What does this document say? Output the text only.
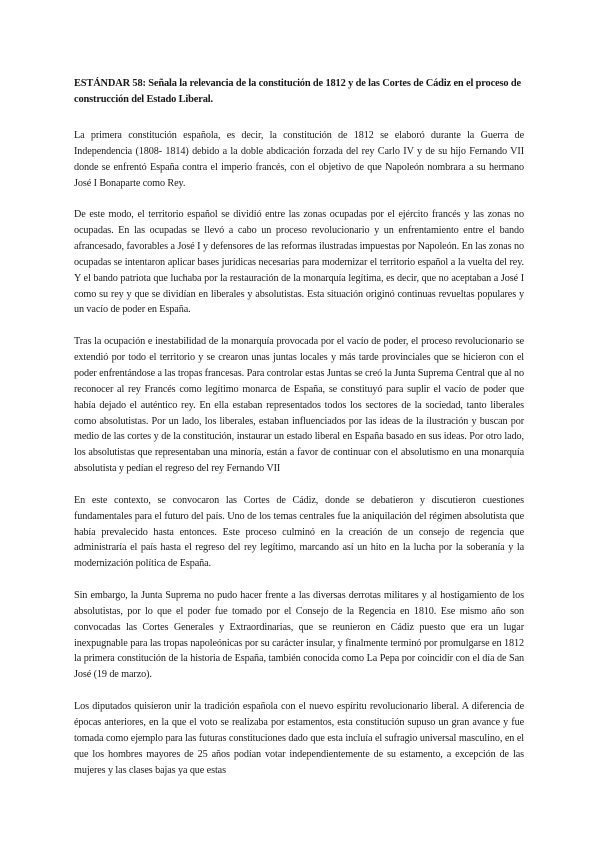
ESTÁNDAR 58: Señala la relevancia de la constitución de 1812 y de las Cortes de Cádiz en el proceso de construcción del Estado Liberal.

La primera constitución española, es decir, la constitución de 1812 se elaboró durante la Guerra de Independencia (1808- 1814) debido a la doble abdicación forzada del rey Carlo IV y de su hijo Fernando VII donde se enfrentó España contra el imperio francés, con el objetivo de que Napoleón nombrara a su hermano José I Bonaparte como Rey.

De este modo, el territorio español se dividió entre las zonas ocupadas por el ejército francés y las zonas no ocupadas. En las ocupadas se llevó a cabo un proceso revolucionario y un enfrentamiento entre el bando afrancesado, favorables a José I y defensores de las reformas ilustradas impuestas por Napoleón. En las zonas no ocupadas se intentaron aplicar bases jurídicas necesarias para modernizar el territorio español a la vuelta del rey. Y el bando patriota que luchaba por la restauración de la monarquía legítima, es decir, que no aceptaban a José I como su rey y que se dividían en liberales y absolutistas. Esta situación originó continuas revueltas populares y un vacío de poder en España.

Tras la ocupación e inestabilidad de la monarquía provocada por el vacío de poder, el proceso revolucionario se extendió por todo el territorio y se crearon unas juntas locales y más tarde provinciales que se hicieron con el poder enfrentándose a las tropas francesas. Para controlar estas Juntas se creó la Junta Suprema Central que al no reconocer al rey Francés como legítimo monarca de España, se constituyó para suplir el vacío de poder que había dejado el auténtico rey. En ella estaban representados todos los sectores de la sociedad, tanto liberales como absolutistas. Por un lado, los liberales, estaban influenciados por las ideas de la ilustración y buscan por medio de las cortes y de la constitución, instaurar un estado liberal en España basado en sus ideas. Por otro lado, los absolutistas que representaban una minoría, están a favor de continuar con el absolutismo en una monarquía absolutista y pedían el regreso del rey Fernando VII

En este contexto, se convocaron las Cortes de Cádiz, donde se debatieron y discutieron cuestiones fundamentales para el futuro del país. Uno de los temas centrales fue la aniquilación del régimen absolutista que había prevalecido hasta entonces. Este proceso culminó en la creación de un consejo de regencia que administraría el país hasta el regreso del rey legítimo, marcando así un hito en la lucha por la soberanía y la modernización política de España.

Sin embargo, la Junta Suprema no pudo hacer frente a las diversas derrotas militares y al hostigamiento de los absolutistas, por lo que el poder fue tomado por el Consejo de la Regencia en 1810. Ese mismo año son convocadas las Cortes Generales y Extraordinarias, que se reunieron en Cádiz puesto que era un lugar inexpugnable para las tropas napoleónicas por su carácter insular, y finalmente terminó por promulgarse en 1812 la primera constitución de la historia de España, también conocida como La Pepa por coincidir con el día de San José (19 de marzo).

Los diputados quisieron unir la tradición española con el nuevo espíritu revolucionario liberal. A diferencia de épocas anteriores, en la que el voto se realizaba por estamentos, esta constitución supuso un gran avance y fue tomada como ejemplo para las futuras constituciones dado que esta incluía el sufragio universal masculino, en el que los hombres mayores de 25 años podían votar independientemente de su estamento, a excepción de las mujeres y las clases bajas ya que estas
